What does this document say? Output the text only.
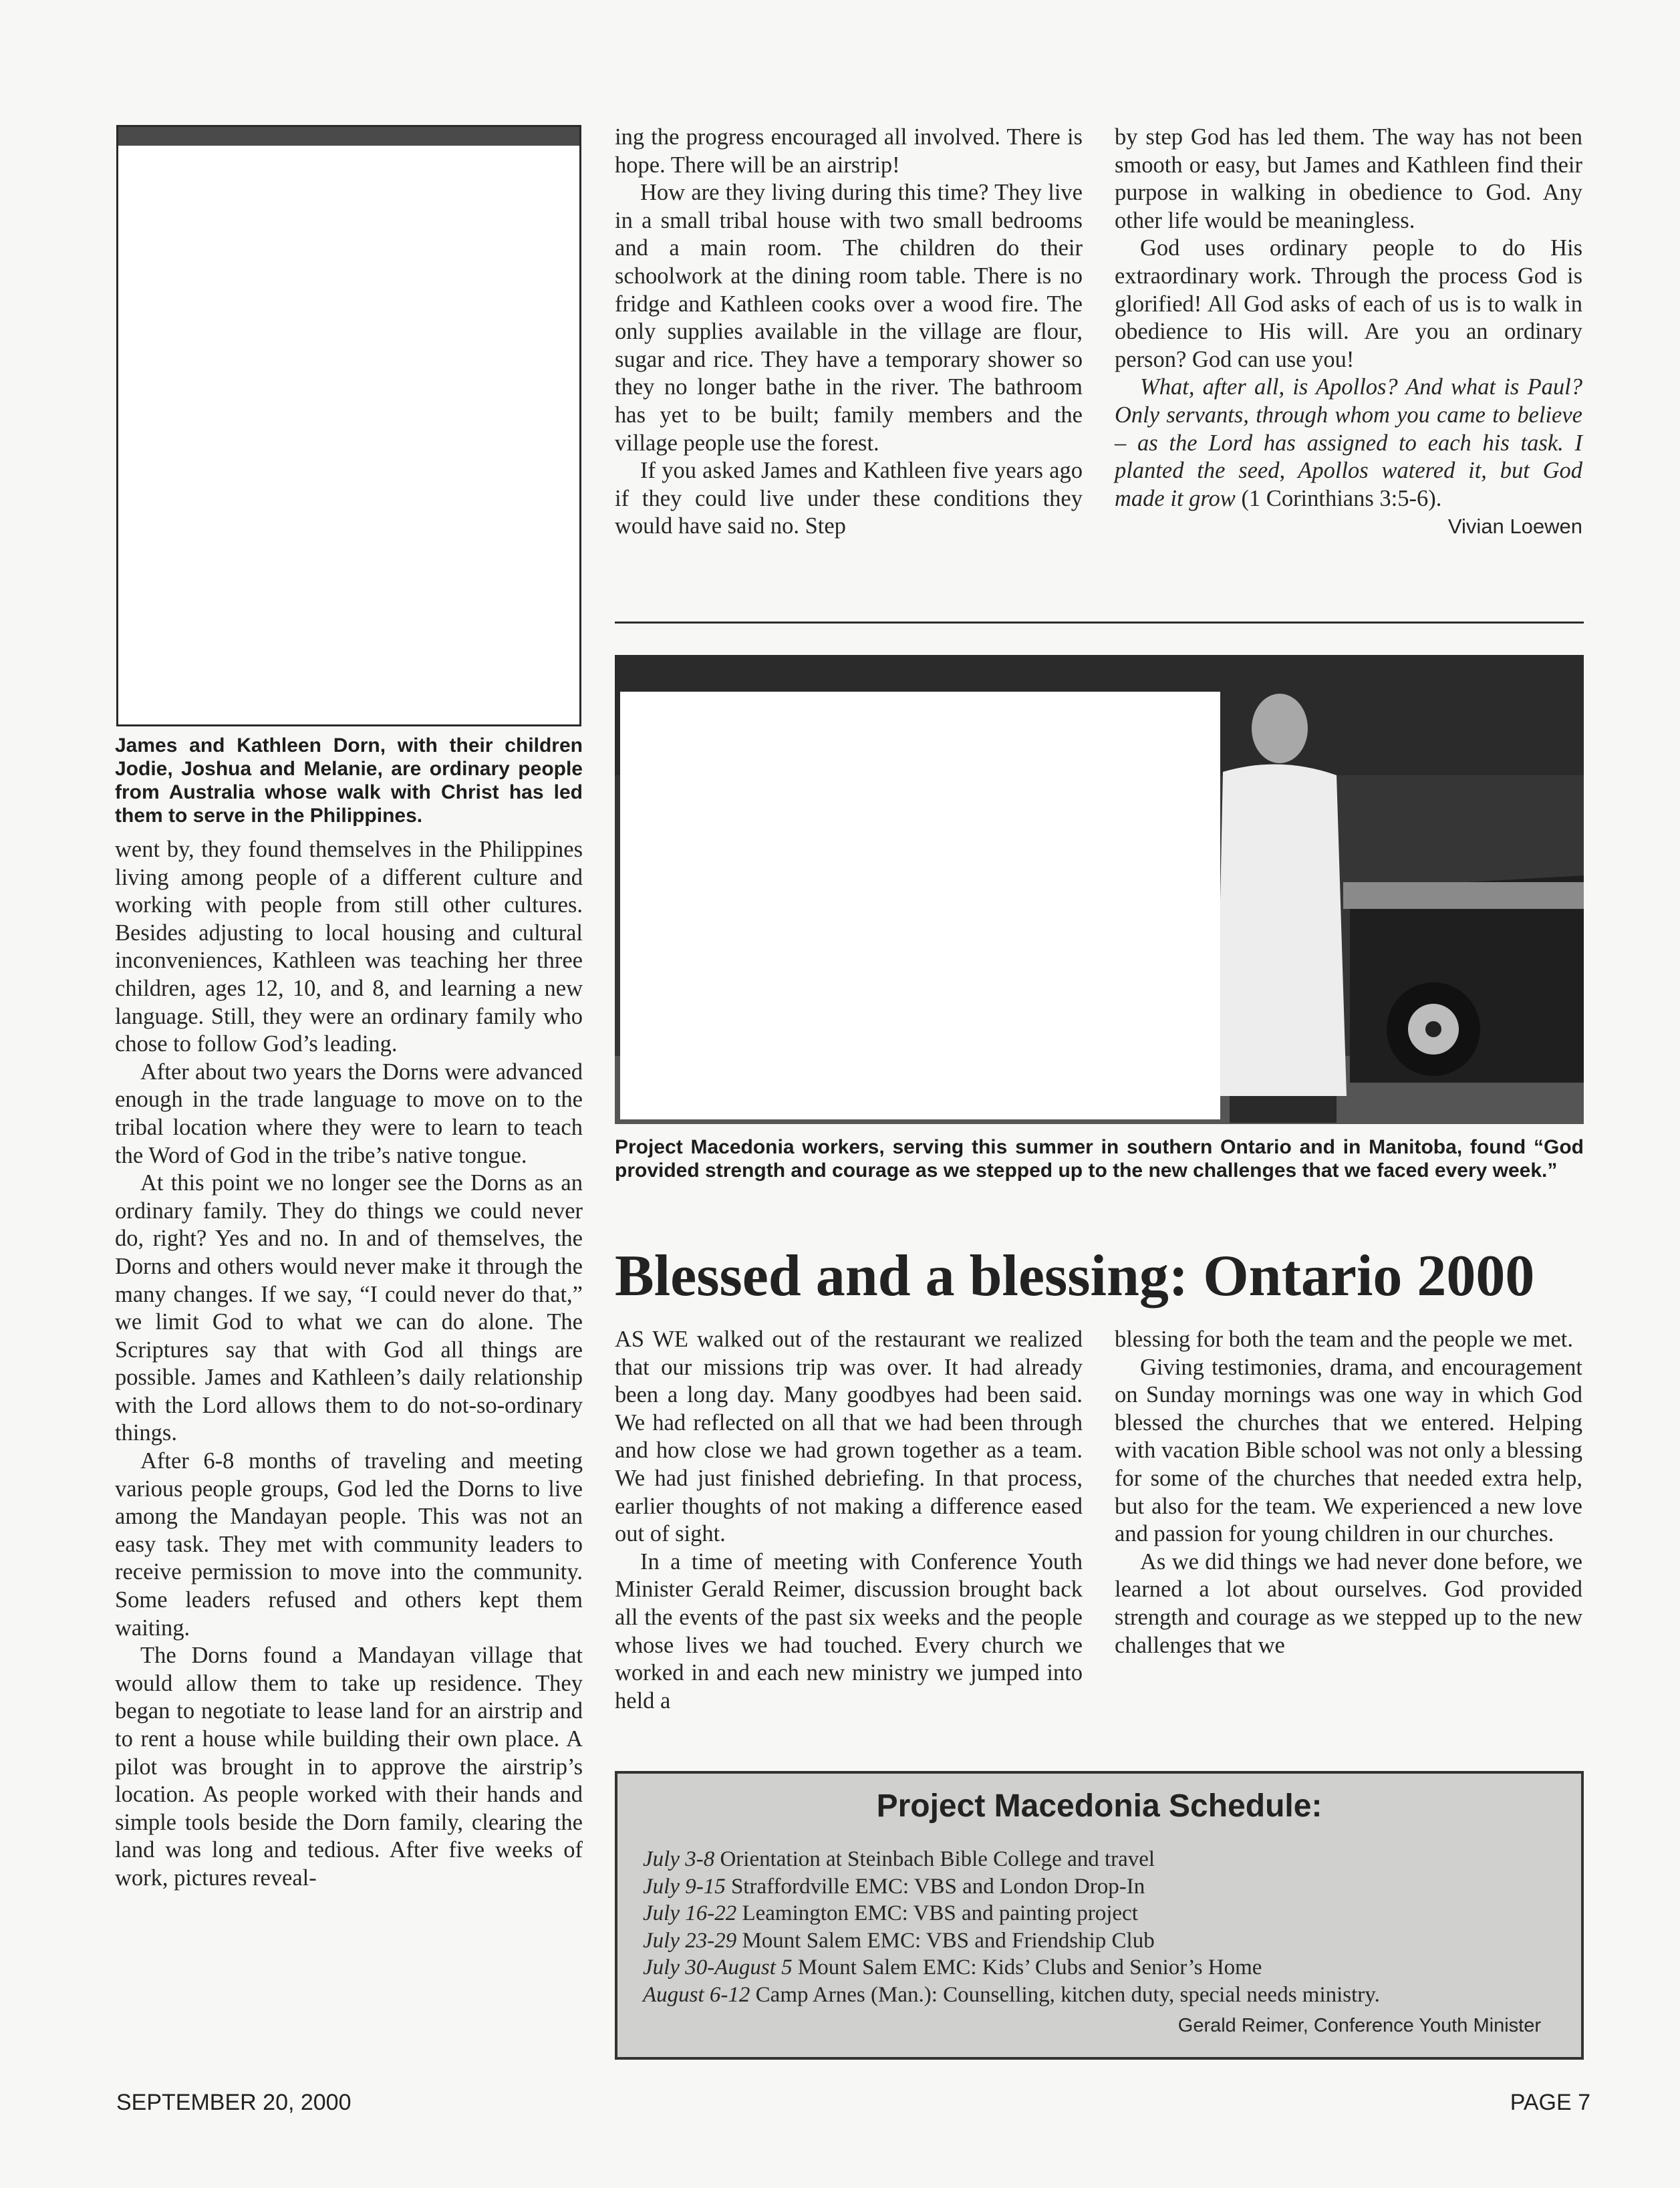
James and Kathleen Dorn, with their children Jodie, Joshua and Melanie, are ordinary people from Australia whose walk with Christ has led them to serve in the Philippines.

went by, they found themselves in the Philippines living among people of a different culture and working with people from still other cultures. Besides adjusting to local housing and cultural inconveniences, Kathleen was teaching her three children, ages 12, 10, and 8, and learning a new language. Still, they were an ordinary family who chose to follow God’s leading.

After about two years the Dorns were advanced enough in the trade language to move on to the tribal location where they were to learn to teach the Word of God in the tribe’s native tongue.

At this point we no longer see the Dorns as an ordinary family. They do things we could never do, right? Yes and no. In and of themselves, the Dorns and others would never make it through the many changes. If we say, “I could never do that,” we limit God to what we can do alone. The Scriptures say that with God all things are possible. James and Kathleen’s daily relationship with the Lord allows them to do not-so-ordinary things.

After 6-8 months of traveling and meeting various people groups, God led the Dorns to live among the Mandayan people. This was not an easy task. They met with community leaders to receive permission to move into the community. Some leaders refused and others kept them waiting.

The Dorns found a Mandayan village that would allow them to take up residence. They began to negotiate to lease land for an airstrip and to rent a house while building their own place. A pilot was brought in to approve the airstrip’s location. As people worked with their hands and simple tools beside the Dorn family, clearing the land was long and tedious. After five weeks of work, pictures reveal-

ing the progress encouraged all involved. There is hope. There will be an airstrip!

How are they living during this time? They live in a small tribal house with two small bedrooms and a main room. The children do their schoolwork at the dining room table. There is no fridge and Kathleen cooks over a wood fire. The only supplies available in the village are flour, sugar and rice. They have a temporary shower so they no longer bathe in the river. The bathroom has yet to be built; family members and the village people use the forest.

If you asked James and Kathleen five years ago if they could live under these conditions they would have said no. Step

by step God has led them. The way has not been smooth or easy, but James and Kathleen find their purpose in walking in obedience to God. Any other life would be meaningless.

God uses ordinary people to do His extraordinary work. Through the process God is glorified! All God asks of each of us is to walk in obedience to His will. Are you an ordinary person? God can use you!

What, after all, is Apollos? And what is Paul? Only servants, through whom you came to believe – as the Lord has assigned to each his task. I planted the seed, Apollos watered it, but God made it grow (1 Corinthians 3:5-6).

Vivian Loewen

Project Macedonia workers, serving this summer in southern Ontario and in Manitoba, found “God provided strength and courage as we stepped up to the new challenges that we faced every week.”

Blessed and a blessing: Ontario 2000

AS WE walked out of the restaurant we realized that our missions trip was over. It had already been a long day. Many goodbyes had been said. We had reflected on all that we had been through and how close we had grown together as a team. We had just finished debriefing. In that process, earlier thoughts of not making a difference eased out of sight.

In a time of meeting with Conference Youth Minister Gerald Reimer, discussion brought back all the events of the past six weeks and the people whose lives we had touched. Every church we worked in and each new ministry we jumped into held a

blessing for both the team and the people we met.

Giving testimonies, drama, and encouragement on Sunday mornings was one way in which God blessed the churches that we entered. Helping with vacation Bible school was not only a blessing for some of the churches that needed extra help, but also for the team. We experienced a new love and passion for young children in our churches.

As we did things we had never done before, we learned a lot about ourselves. God provided strength and courage as we stepped up to the new challenges that we

Project Macedonia Schedule:
July 3-8 Orientation at Steinbach Bible College and travel
July 9-15 Straffordville EMC: VBS and London Drop-In
July 16-22 Leamington EMC: VBS and painting project
July 23-29 Mount Salem EMC: VBS and Friendship Club
July 30-August 5 Mount Salem EMC: Kids’ Clubs and Senior’s Home
August 6-12 Camp Arnes (Man.): Counselling, kitchen duty, special needs ministry.
Gerald Reimer, Conference Youth Minister
SEPTEMBER 20, 2000	PAGE 7
